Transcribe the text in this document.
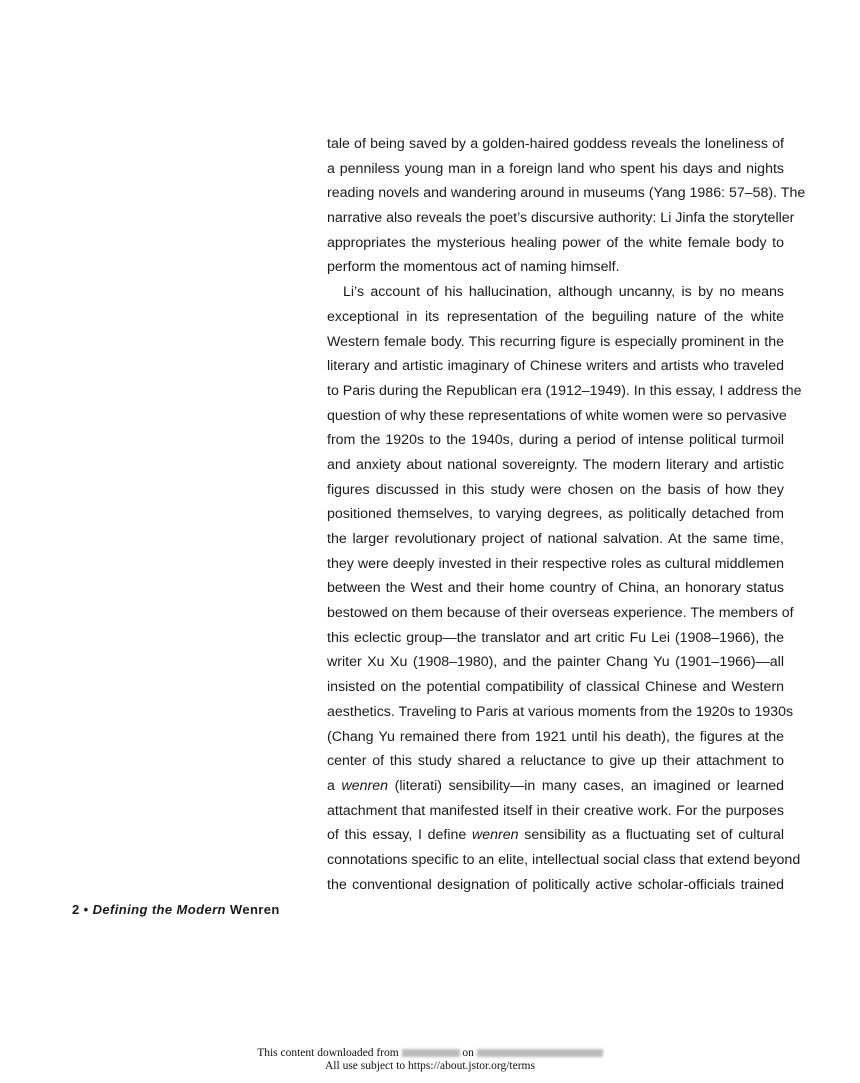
tale of being saved by a golden-haired goddess reveals the loneliness of
a penniless young man in a foreign land who spent his days and nights
reading novels and wandering around in museums (Yang 1986: 57–58). The
narrative also reveals the poet’s discursive authority: Li Jinfa the storyteller
appropriates the mysterious healing power of the white female body to
perform the momentous act of naming himself.
Li’s account of his hallucination, although uncanny, is by no means
exceptional in its representation of the beguiling nature of the white
Western female body. This recurring figure is especially prominent in the
literary and artistic imaginary of Chinese writers and artists who traveled
to Paris during the Republican era (1912–1949). In this essay, I address the
question of why these representations of white women were so pervasive
from the 1920s to the 1940s, during a period of intense political turmoil
and anxiety about national sovereignty. The modern literary and artistic
figures discussed in this study were chosen on the basis of how they
positioned themselves, to varying degrees, as politically detached from
the larger revolutionary project of national salvation. At the same time,
they were deeply invested in their respective roles as cultural middlemen
between the West and their home country of China, an honorary status
bestowed on them because of their overseas experience. The members of
this eclectic group—the translator and art critic Fu Lei (1908–1966), the
writer Xu Xu (1908–1980), and the painter Chang Yu (1901–1966)—all
insisted on the potential compatibility of classical Chinese and Western
aesthetics. Traveling to Paris at various moments from the 1920s to 1930s
(Chang Yu remained there from 1921 until his death), the figures at the
center of this study shared a reluctance to give up their attachment to
a wenren (literati) sensibility—in many cases, an imagined or learned
attachment that manifested itself in their creative work. For the purposes
of this essay, I define wenren sensibility as a fluctuating set of cultural
connotations specific to an elite, intellectual social class that extend beyond
the conventional designation of politically active scholar-officials trained
2 • Defining the Modern Wenren
This content downloaded from	on
All use subject to https://about.jstor.org/terms
